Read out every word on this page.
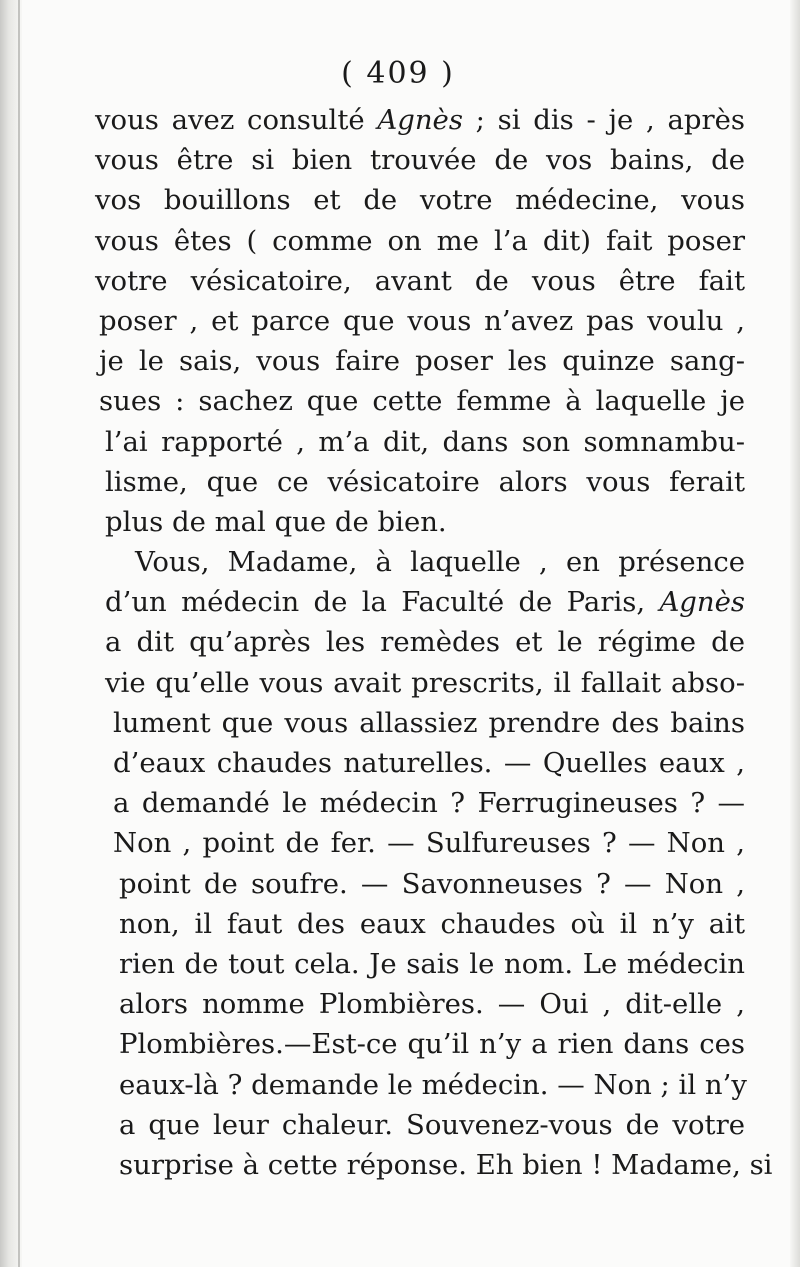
( 409 )
vous avez consulté Agnès ; si dis - je , après
vous être si bien trouvée de vos bains, de
vos bouillons et de votre médecine, vous
vous êtes ( comme on me l’a dit) fait poser
votre vésicatoire, avant de vous être fait
poser , et parce que vous n’avez pas voulu ,
je le sais, vous faire poser les quinze sang-
sues : sachez que cette femme à laquelle je
l’ai rapporté , m’a dit, dans son somnambu-
lisme, que ce vésicatoire alors vous ferait
plus de mal que de bien.
Vous, Madame, à laquelle , en présence
d’un médecin de la Faculté de Paris, Agnès
a dit qu’après les remèdes et le régime de
vie qu’elle vous avait prescrits, il fallait abso-
lument que vous allassiez prendre des bains
d’eaux chaudes naturelles. — Quelles eaux ,
a demandé le médecin ? Ferrugineuses ? —
Non , point de fer. — Sulfureuses ? — Non ,
point de soufre. — Savonneuses ? — Non ,
non, il faut des eaux chaudes où il n’y ait
rien de tout cela. Je sais le nom. Le médecin
alors nomme Plombières. — Oui , dit-elle ,
Plombières.—Est-ce qu’il n’y a rien dans ces
eaux-là ? demande le médecin. — Non ; il n’y
a que leur chaleur. Souvenez-vous de votre
surprise à cette réponse. Eh bien ! Madame, si
